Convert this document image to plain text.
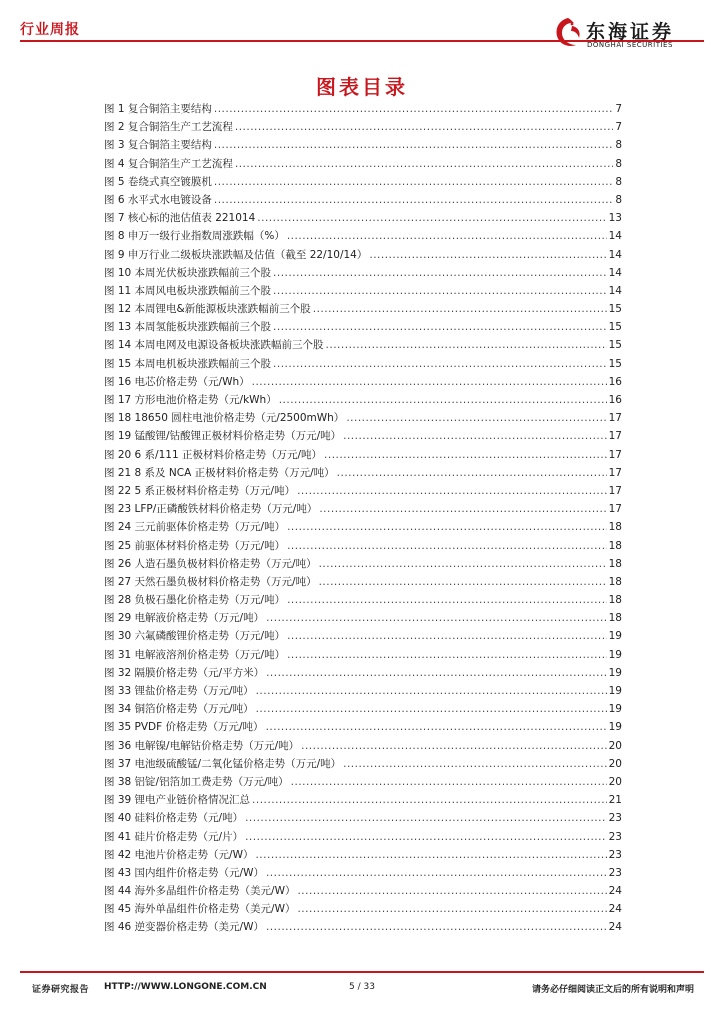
行业周报	东海证券
DONGHAI SECURITIES
图表目录
图 1 复合铜箔主要结构 .....	7
图 2 复合铜箔生产工艺流程 .....	7
图 3 复合铜箔主要结构 .....	8
图 4 复合铜箔生产工艺流程 .....	8
图 5 卷绕式真空镀膜机 .....	8
图 6 水平式水电镀设备 .....	8
图 7 核心标的池估值表 221014 .....	13
图 8 申万一级行业指数周涨跌幅（%） .....	14
图 9 申万行业二级板块涨跌幅及估值（截至 22/10/14） .....	14
图 10 本周光伏板块涨跌幅前三个股 .....	14
图 11 本周风电板块涨跌幅前三个股 .....	14
图 12 本周锂电&新能源板块涨跌幅前三个股 .....	15
图 13 本周氢能板块涨跌幅前三个股 .....	15
图 14 本周电网及电源设备板块涨跌幅前三个股 .....	15
图 15 本周电机板块涨跌幅前三个股 .....	15
图 16 电芯价格走势（元/Wh） .....	16
图 17 方形电池价格走势（元/kWh） .....	16
图 18 18650 圆柱电池价格走势（元/2500mWh） .....	17
图 19 锰酸锂/钴酸锂正极材料价格走势（万元/吨） .....	17
图 20 6 系/111 正极材料价格走势（万元/吨） .....	17
图 21 8 系及 NCA 正极材料价格走势（万元/吨） .....	17
图 22 5 系正极材料价格走势（万元/吨） .....	17
图 23 LFP/正磷酸铁材料价格走势（万元/吨） .....	17
图 24 三元前驱体价格走势（万元/吨） .....	18
图 25 前驱体材料价格走势（万元/吨） .....	18
图 26 人造石墨负极材料价格走势（万元/吨） .....	18
图 27 天然石墨负极材料价格走势（万元/吨） .....	18
图 28 负极石墨化价格走势（万元/吨） .....	18
图 29 电解液价格走势（万元/吨） .....	18
图 30 六氟磷酸锂价格走势（万元/吨） .....	19
图 31 电解液溶剂价格走势（万元/吨） .....	19
图 32 隔膜价格走势（元/平方米） .....	19
图 33 锂盐价格走势（万元/吨） .....	19
图 34 铜箔价格走势（万元/吨） .....	19
图 35 PVDF 价格走势（万元/吨） .....	19
图 36 电解镍/电解钴价格走势（万元/吨） .....	20
图 37 电池级硫酸锰/二氧化锰价格走势（万元/吨） .....	20
图 38 铝锭/铝箔加工费走势（万元/吨） .....	20
图 39 锂电产业链价格情况汇总 .....	21
图 40 硅料价格走势（元/吨） .....	23
图 41 硅片价格走势（元/片） .....	23
图 42 电池片价格走势（元/W） .....	23
图 43 国内组件价格走势（元/W） .....	23
图 44 海外多晶组件价格走势（美元/W） .....	24
图 45 海外单晶组件价格走势（美元/W） .....	24
图 46 逆变器价格走势（美元/W） .....	24
证券研究报告 HTTP://WWW.LONGONE.COM.CN	5 / 33	请务必仔细阅读正文后的所有说明和声明
